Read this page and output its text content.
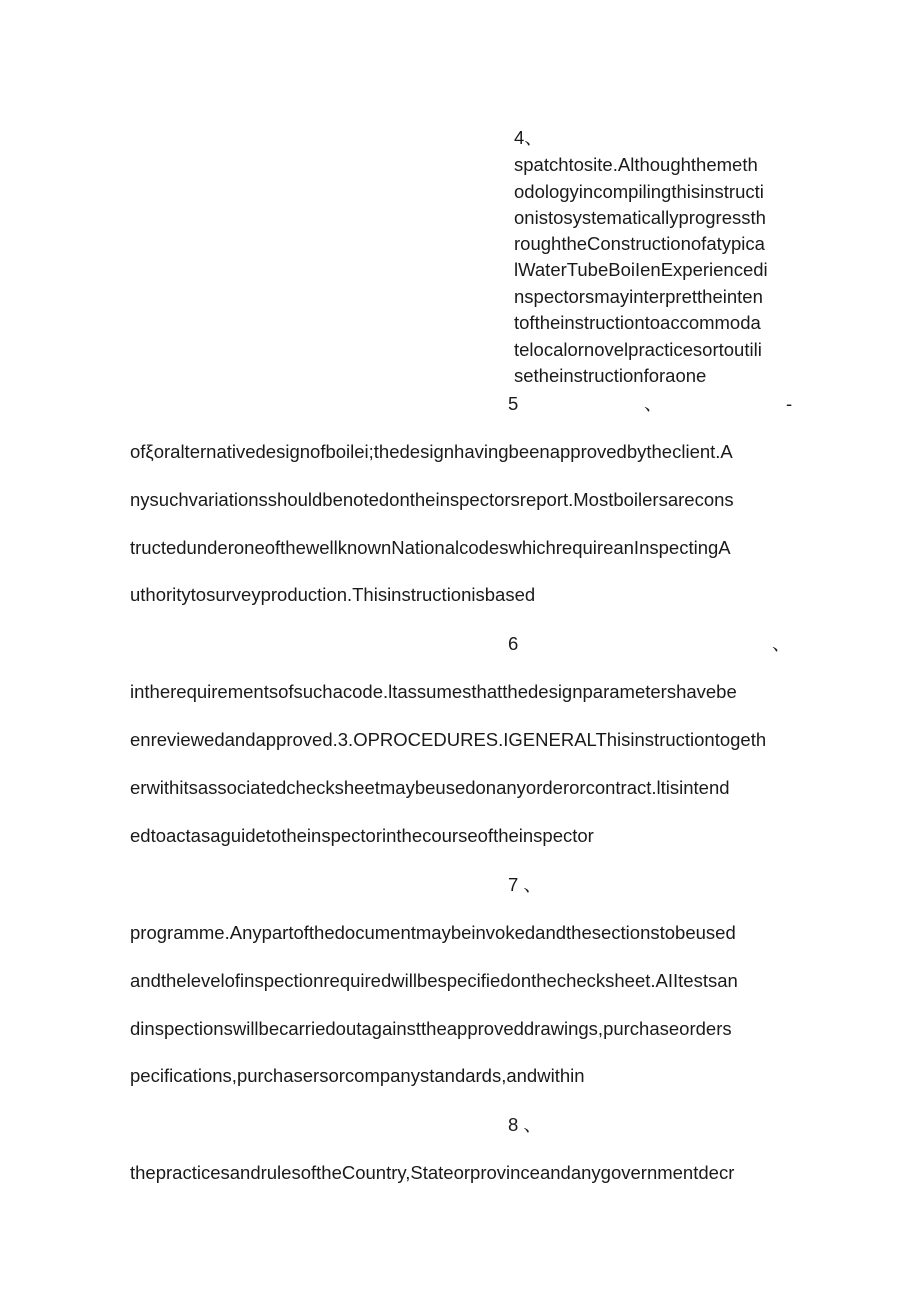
4、
spatchtosite.Althoughthemeth
odologyincompilingthisinstructi
onistosystematicallyprogressth
roughtheConstructionofatypica
lWaterTubeBoiIenExperiencedi
nspectorsmayinterprettheinten
toftheinstructiontoaccommoda
telocalornovelpracticesortoutili
setheinstructionforaone
5	、	-
ofξoralternativedesignofboilei;thedesignhavingbeenapprovedbytheclient.A
nysuchvariationsshouldbenotedontheinspectorsreport.Mostboilersarecons
tructedunderoneofthewellknownNationalcodeswhichrequireanInspectingA
uthoritytosurveyproduction.Thisinstructionisbased
6	、
intherequirementsofsuchacode.ltassumesthatthedesignparametershavebe
enreviewedandapproved.3.OPROCEDURES.IGENERALThisinstructiontogeth
erwithitsassociatedchecksheetmaybeusedonanyorderorcontract.ltisintend
edtoactasaguidetotheinspectorinthecourseoftheinspector
7 、
programme.Anypartofthedocumentmaybeinvokedandthesectionstobeused
andthelevelofinspectionrequiredwillbespecifiedonthechecksheet.AIItestsan
dinspectionswillbecarriedoutagainsttheapproveddrawings,purchaseorders
pecifications,purchasersorcompanystandards,andwithin
8 、
thepracticesandrulesoftheCountry,Stateorprovinceandanygovernmentdecr
